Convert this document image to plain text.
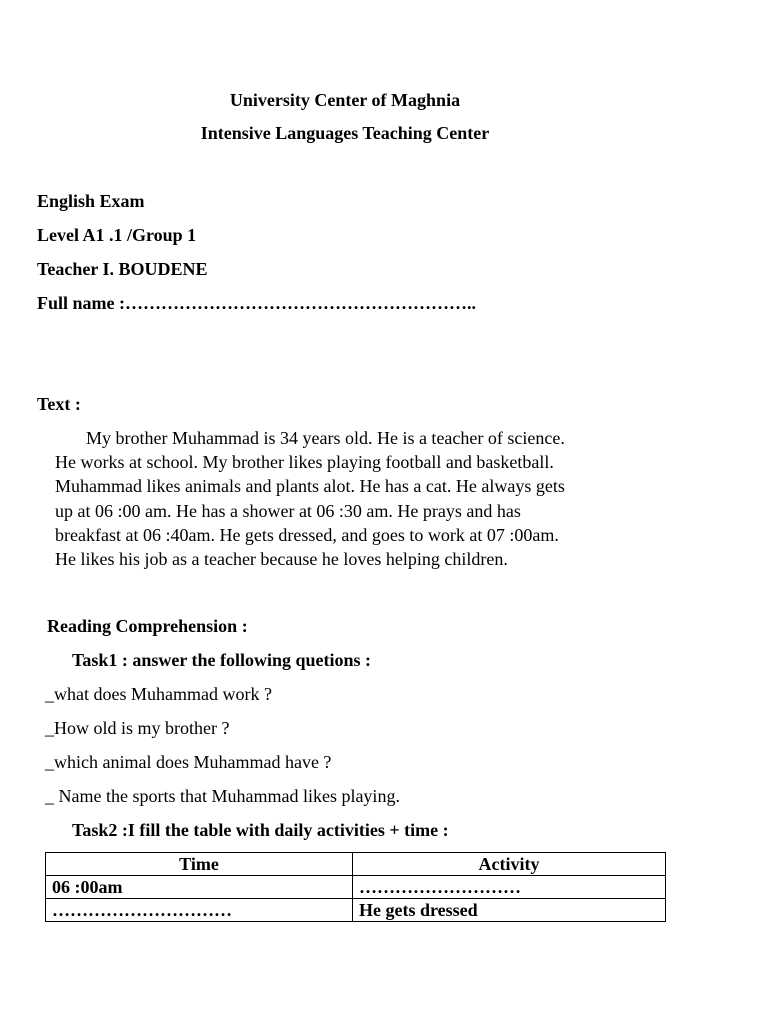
University Center of Maghnia
Intensive Languages Teaching Center
English Exam
Level A1 .1 /Group 1
Teacher I. BOUDENE
Full name :…………………………………………………..
Text :
My brother Muhammad is 34 years old. He is a teacher of science.
He works at school. My brother likes playing football and basketball.
Muhammad likes animals and plants alot. He has a cat. He always gets
up at 06 :00 am. He has a shower at 06 :30 am. He prays and has
breakfast at 06 :40am. He gets dressed, and goes to work at 07 :00am.
He likes his job as a teacher because he loves helping children.
Reading Comprehension :
Task1 : answer the following quetions :
_what does Muhammad work ?
_How old is my brother ?
_which animal does Muhammad have ?
_ Name the sports that Muhammad likes playing.
Task2 :I fill the table with daily activities + time :
Time	Activity
06 :00am	………………………
…………………………	He gets dressed
